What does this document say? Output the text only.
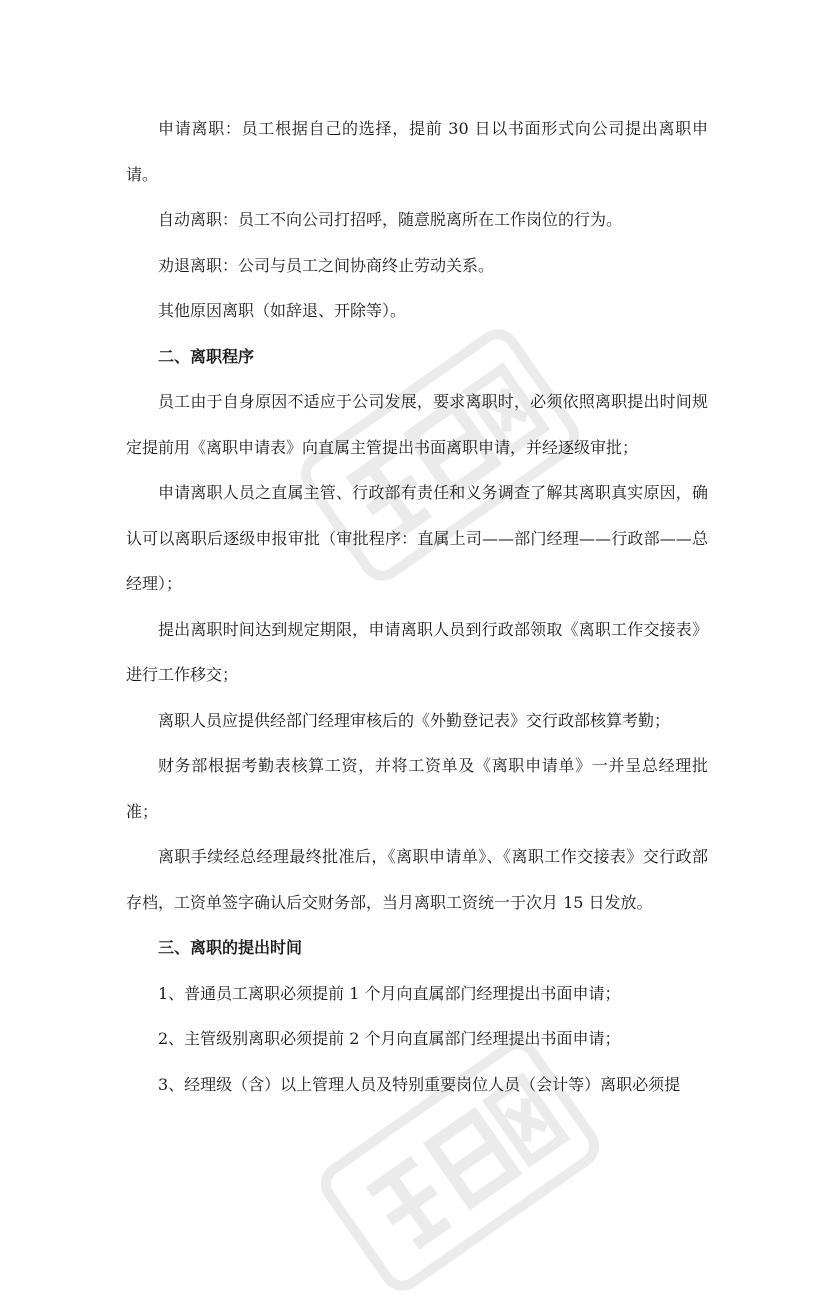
申请离职：员工根据自己的选择，提前 30 日以书面形式向公司提出离职申请。

自动离职：员工不向公司打招呼，随意脱离所在工作岗位的行为。

劝退离职：公司与员工之间协商终止劳动关系。

其他原因离职（如辞退、开除等）。

二、离职程序

员工由于自身原因不适应于公司发展，要求离职时，必须依照离职提出时间规定提前用《离职申请表》向直属主管提出书面离职申请，并经逐级审批；

申请离职人员之直属主管、行政部有责任和义务调查了解其离职真实原因，确认可以离职后逐级申报审批（审批程序：直属上司——部门经理——行政部——总经理）；

提出离职时间达到规定期限，申请离职人员到行政部领取《离职工作交接表》进行工作移交；

离职人员应提供经部门经理审核后的《外勤登记表》交行政部核算考勤；

财务部根据考勤表核算工资，并将工资单及《离职申请单》一并呈总经理批准；

离职手续经总经理最终批准后，《离职申请单》、《离职工作交接表》交行政部存档，工资单签字确认后交财务部，当月离职工资统一于次月 15 日发放。

三、离职的提出时间

1、普通员工离职必须提前 1 个月向直属部门经理提出书面申请；

2、主管级别离职必须提前 2 个月向直属部门经理提出书面申请；

3、经理级（含）以上管理人员及特别重要岗位人员（会计等）离职必须提
